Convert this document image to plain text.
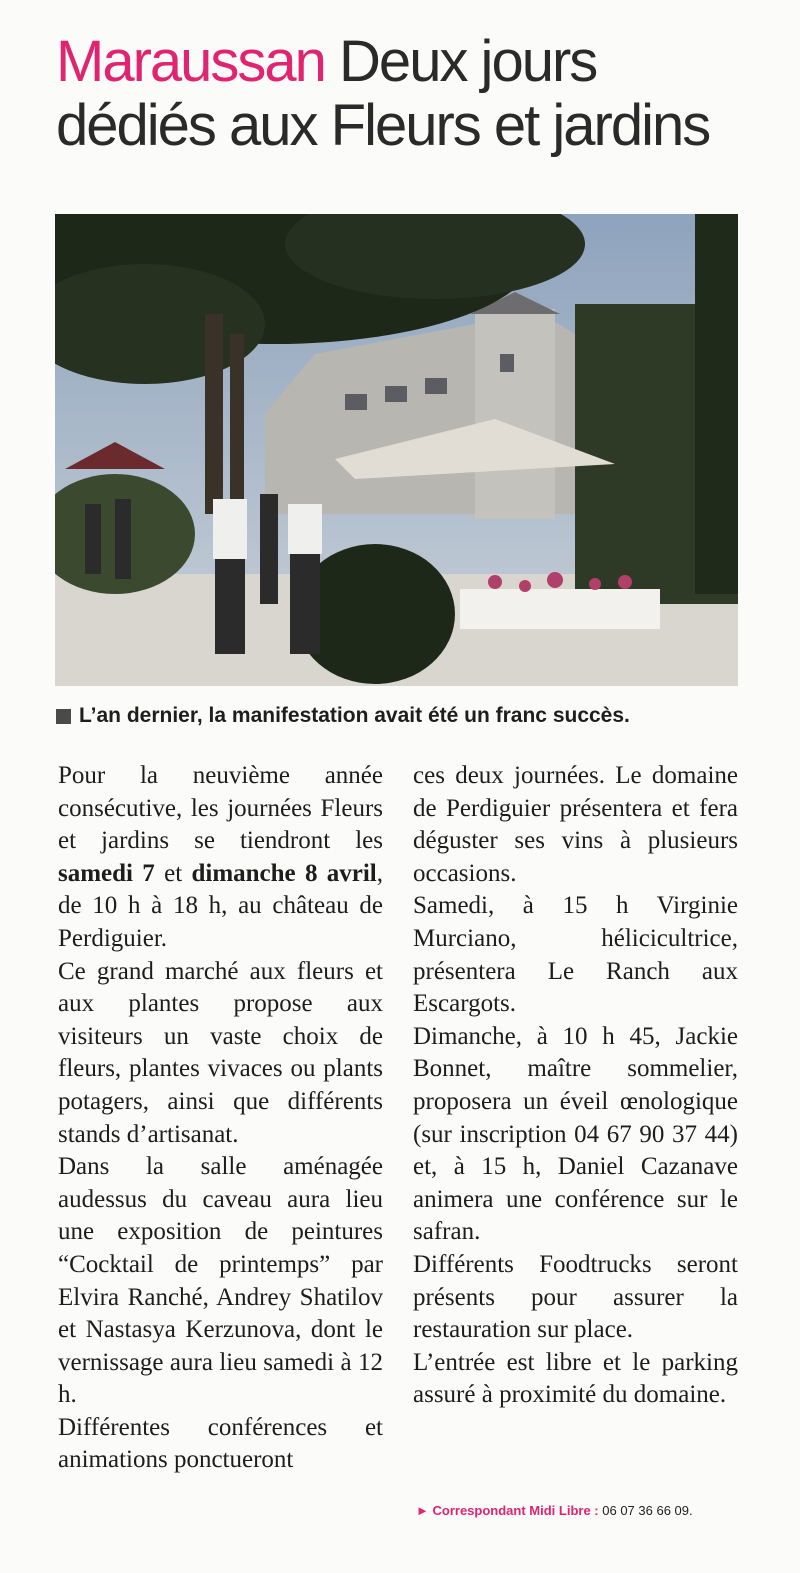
Maraussan Deux jours
dédiés aux Fleurs et jardins
L’an dernier, la manifestation avait été un franc succès.

Pour la neuvième année consécutive, les journées Fleurs et jardins se tiendront les samedi 7 et dimanche 8 avril, de 10 h à 18 h, au château de Perdiguier.

Ce grand marché aux fleurs et aux plantes propose aux visiteurs un vaste choix de fleurs, plantes vivaces ou plants potagers, ainsi que différents stands d’artisanat.

Dans la salle aménagée audessus du caveau aura lieu une exposition de peintures “Cocktail de printemps” par Elvira Ranché, Andrey Shatilov et Nastasya Kerzunova, dont le vernissage aura lieu samedi à 12 h.

Différentes conférences et animations ponctueront

ces deux journées. Le domaine de Perdiguier présentera et fera déguster ses vins à plusieurs occasions.

Samedi, à 15 h Virginie Murciano, hélicicultrice, présentera Le Ranch aux Escargots.

Dimanche, à 10 h 45, Jackie Bonnet, maître sommelier, proposera un éveil œnologique (sur inscription 04 67 90 37 44) et, à 15 h, Daniel Cazanave animera une conférence sur le safran.

Différents Foodtrucks seront présents pour assurer la restauration sur place.

L’entrée est libre et le parking assuré à proximité du domaine.

► Correspondant Midi Libre : 06 07 36 66 09.
